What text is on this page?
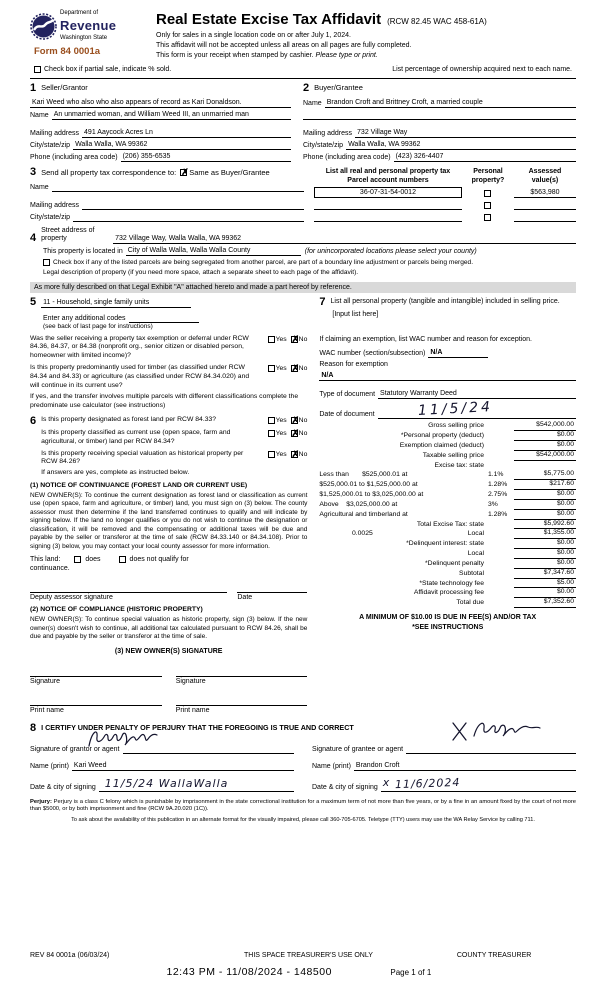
Department of
Revenue
Washington State
Form 84 0001a
Real Estate Excise Tax Affidavit (RCW 82.45 WAC 458-61A)
Only for sales in a single location code on or after July 1, 2024.
This affidavit will not be accepted unless all areas on all pages are fully completed.
This form is your receipt when stamped by cashier. Please type or print.
Check box if partial sale, indicate % sold.	List percentage of ownership acquired next to each name.
1 Seller/Grantor
Kari Weed who also who also appears of record as Kari Donaldson.
Name An unmarried woman, and William Weed III, an unmarried man
Mailing address 491 Aaycock Acres Ln
City/state/zip Walla Walla, WA 99362
Phone (including area code) (206) 355-6535
2 Buyer/Grantee
Name Brandon Croft and Brittney Croft, a married couple
Mailing address 732 Village Way
City/state/zip Walla Walla, WA 99362
Phone (including area code) (423) 326-4407
3 Send all property tax correspondence to: ✗ Same as Buyer/Grantee
Name
Mailing address
City/state/zip
List all real and personal property tax
Parcel account numbers
Personal
property?
Assessed
value(s)
36-07-31-54-0012	$563,980
4
Street address of property	732 Village Way, Walla Walla, WA 99362
This property is located in City of Walla Walla, Walla Walla County	(for unincorporated locations please select your county)
Check box if any of the listed parcels are being segregated from another parcel, are part of a boundary line adjustment or parcels being merged.
Legal description of property (if you need more space, attach a separate sheet to each page of the affidavit).
As more fully described on that Legal Exhibit "A" attached hereto and made a part hereof by reference.
5 11 - Household, single family units
Enter any additional codes
(see back of last page for instructions)
Was the seller receiving a property tax exemption or deferral under RCW 84.36, 84.37, or 84.38 (nonprofit org., senior citizen or disabled person, homeowner with limited income)?
Yes ✗ No
Is this property predominantly used for timber (as classified under RCW 84.34 and 84.33) or agriculture (as classified under RCW 84.34.020) and will continue in its current use?
Yes ✗ No
If yes, and the transfer involves multiple parcels with different classifications complete the predominate use calculator (see instructions)
6 Is this property designated as forest land per RCW 84.33?	Yes ✗ No
Is this property classified as current use (open space, farm and agricultural, or timber) land per RCW 84.34?
Yes ✗ No
Is this property receiving special valuation as historical property per RCW 84.26?
Yes ✗ No
If answers are yes, complete as instructed below.
(1) NOTICE OF CONTINUANCE (FOREST LAND OR CURRENT USE)
NEW OWNER(S): To continue the current designation as forest land or classification as current use (open space, farm and agriculture, or timber) land, you must sign on (3) below. The county assessor must then determine if the land transferred continues to qualify and will indicate by signing below. If the land no longer qualifies or you do not wish to continue the designation or classification, it will be removed and the compensating or additional taxes will be due and payable by the seller or transferor at the time of sale (RCW 84.33.140 or 84.34.108). Prior to signing (3) below, you may contact your local county assessor for more information.
This land:	does	does not qualify for
continuance.
Deputy assessor signature	Date
(2) NOTICE OF COMPLIANCE (HISTORIC PROPERTY)
NEW OWNER(S): To continue special valuation as historic property, sign (3) below. If the new owner(s) doesn't wish to continue, all additional tax calculated pursuant to RCW 84.26, shall be due and payable by the seller or transferor at the time of sale.
(3) NEW OWNER(S) SIGNATURE
Signature	Signature
Print name	Print name
7 List all personal property (tangible and intangible) included in selling price.
[Input list here]
If claiming an exemption, list WAC number and reason for exception.
WAC number (section/subsection) N/A
Reason for exemption
N/A
Type of document Statutory Warranty Deed
Date of document	11/5/24
Gross selling price	$542,000.00
*Personal property (deduct)	$0.00
Exemption claimed (deduct)	$0.00
Taxable selling price	$542,000.00
Excise tax: state
Less than       $525,000.01 at	1.1%	$5,775.00
$525,000.01 to $1,525,000.00 at	1.28%	$217.60
$1,525,000.01 to $3,025,000.00 at	2.75%	$0.00
Above    $3,025,000.00 at	3%	$0.00
Agricultural and timberland at	1.28%	$0.00
Total Excise Tax: state	$5,992.60
0.0025	Local	$1,355.00
*Delinquent interest: state	$0.00
Local	$0.00
*Delinquent penalty	$0.00
Subtotal	$7,347.60
*State technology fee	$5.00
Affidavit processing fee	$0.00
Total due	$7,352.60
A MINIMUM OF $10.00 IS DUE IN FEE(S) AND/OR TAX
*SEE INSTRUCTIONS
8 I CERTIFY UNDER PENALTY OF PERJURY THAT THE FOREGOING IS TRUE AND CORRECT
Signature of grantor or agent
Name (print) Kari Weed
Date & city of signing 11/5/24 WallaWalla
Signature of grantee or agent
Name (print) Brandon Croft
Date & city of signing x 11/6/2024
Perjury: Perjury is a class C felony which is punishable by imprisonment in the state correctional institution for a maximum term of not more than five years, or by a fine in an amount fixed by the court of not more than $5000, or by both imprisonment and fine (RCW 9A.20.020 (1C)).
To ask about the availability of this publication in an alternate format for the visually impaired, please call 360-705-6705. Teletype (TTY) users may use the WA Relay Service by calling 711.
REV 84 0001a (06/03/24)	THIS SPACE TREASURER'S USE ONLY	COUNTY TREASURER
12:43 PM - 11/08/2024 - 148500	Page 1 of 1
